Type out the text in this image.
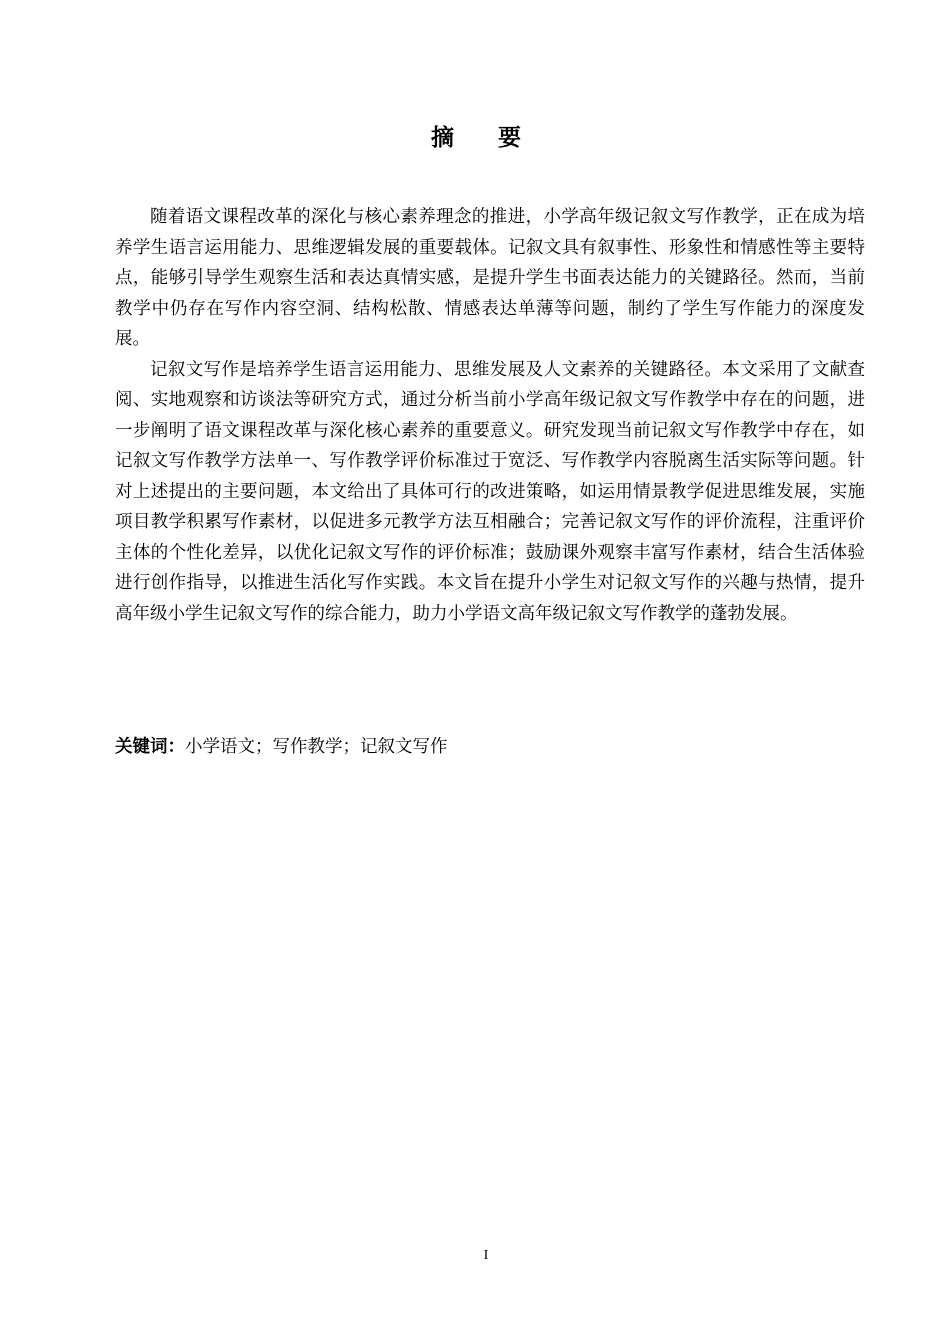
摘 要

随着语文课程改革的深化与核心素养理念的推进，小学高年级记叙文写作教学，正在成为培养学生语言运用能力、思维逻辑发展的重要载体。记叙文具有叙事性、形象性和情感性等主要特点，能够引导学生观察生活和表达真情实感，是提升学生书面表达能力的关键路径。然而，当前教学中仍存在写作内容空洞、结构松散、情感表达单薄等问题，制约了学生写作能力的深度发展。

记叙文写作是培养学生语言运用能力、思维发展及人文素养的关键路径。本文采用了文献查阅、实地观察和访谈法等研究方式，通过分析当前小学高年级记叙文写作教学中存在的问题，进一步阐明了语文课程改革与深化核心素养的重要意义。研究发现当前记叙文写作教学中存在，如记叙文写作教学方法单一、写作教学评价标准过于宽泛、写作教学内容脱离生活实际等问题。针对上述提出的主要问题，本文给出了具体可行的改进策略，如运用情景教学促进思维发展，实施项目教学积累写作素材，以促进多元教学方法互相融合；完善记叙文写作的评价流程，注重评价主体的个性化差异，以优化记叙文写作的评价标准；鼓励课外观察丰富写作素材，结合生活体验进行创作指导，以推进生活化写作实践。本文旨在提升小学生对记叙文写作的兴趣与热情，提升高年级小学生记叙文写作的综合能力，助力小学语文高年级记叙文写作教学的蓬勃发展。

关键词：小学语文；写作教学；记叙文写作
I
